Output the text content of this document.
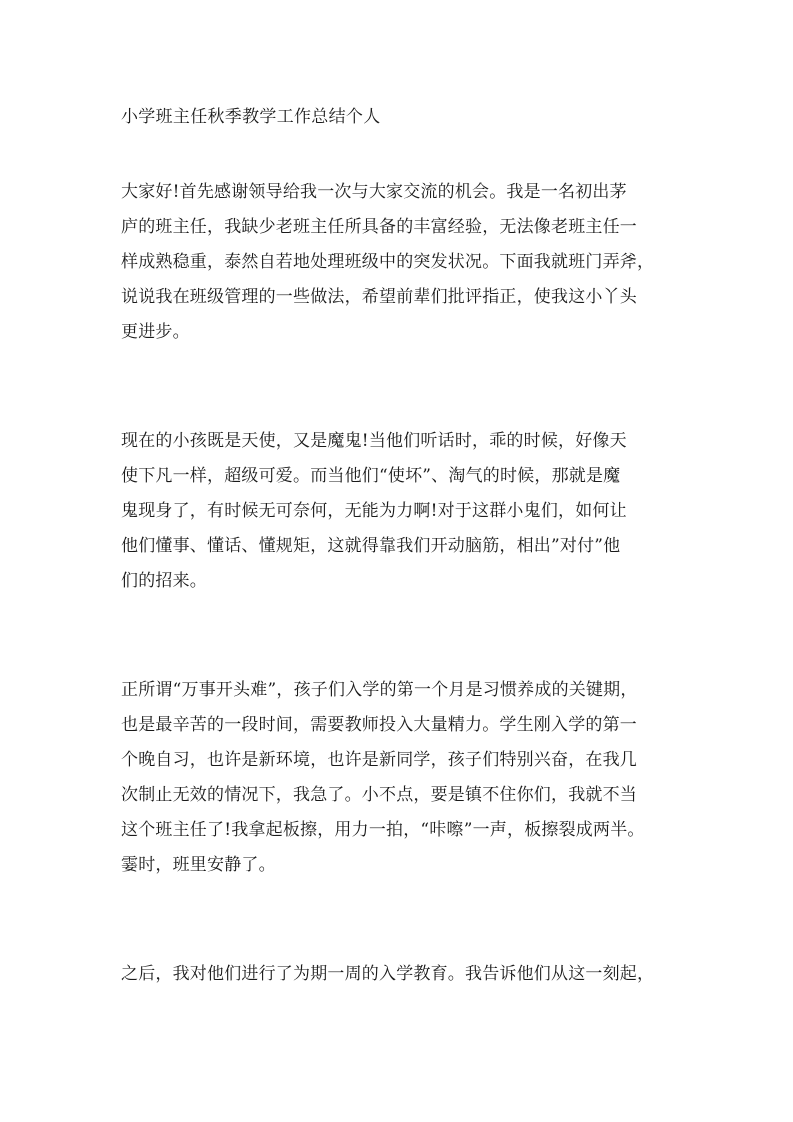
小学班主任秋季教学工作总结个人
大家好!首先感谢领导给我一次与大家交流的机会。我是一名初出茅
庐的班主任，我缺少老班主任所具备的丰富经验，无法像老班主任一
样成熟稳重，泰然自若地处理班级中的突发状况。下面我就班门弄斧，
说说我在班级管理的一些做法，希望前辈们批评指正，使我这小丫头
更进步。
现在的小孩既是天使，又是魔鬼!当他们听话时，乖的时候，好像天
使下凡一样，超级可爱。而当他们“使坏”、淘气的时候，那就是魔
鬼现身了，有时候无可奈何，无能为力啊!对于这群小鬼们，如何让
他们懂事、懂话、懂规矩，这就得靠我们开动脑筋，相出”对付”他
们的招来。
正所谓“万事开头难”，孩子们入学的第一个月是习惯养成的关键期，
也是最辛苦的一段时间，需要教师投入大量精力。学生刚入学的第一
个晚自习，也许是新环境，也许是新同学，孩子们特别兴奋，在我几
次制止无效的情况下，我急了。小不点，要是镇不住你们，我就不当
这个班主任了!我拿起板擦，用力一拍，“咔嚓”一声，板擦裂成两半。
霎时，班里安静了。
之后，我对他们进行了为期一周的入学教育。我告诉他们从这一刻起，
